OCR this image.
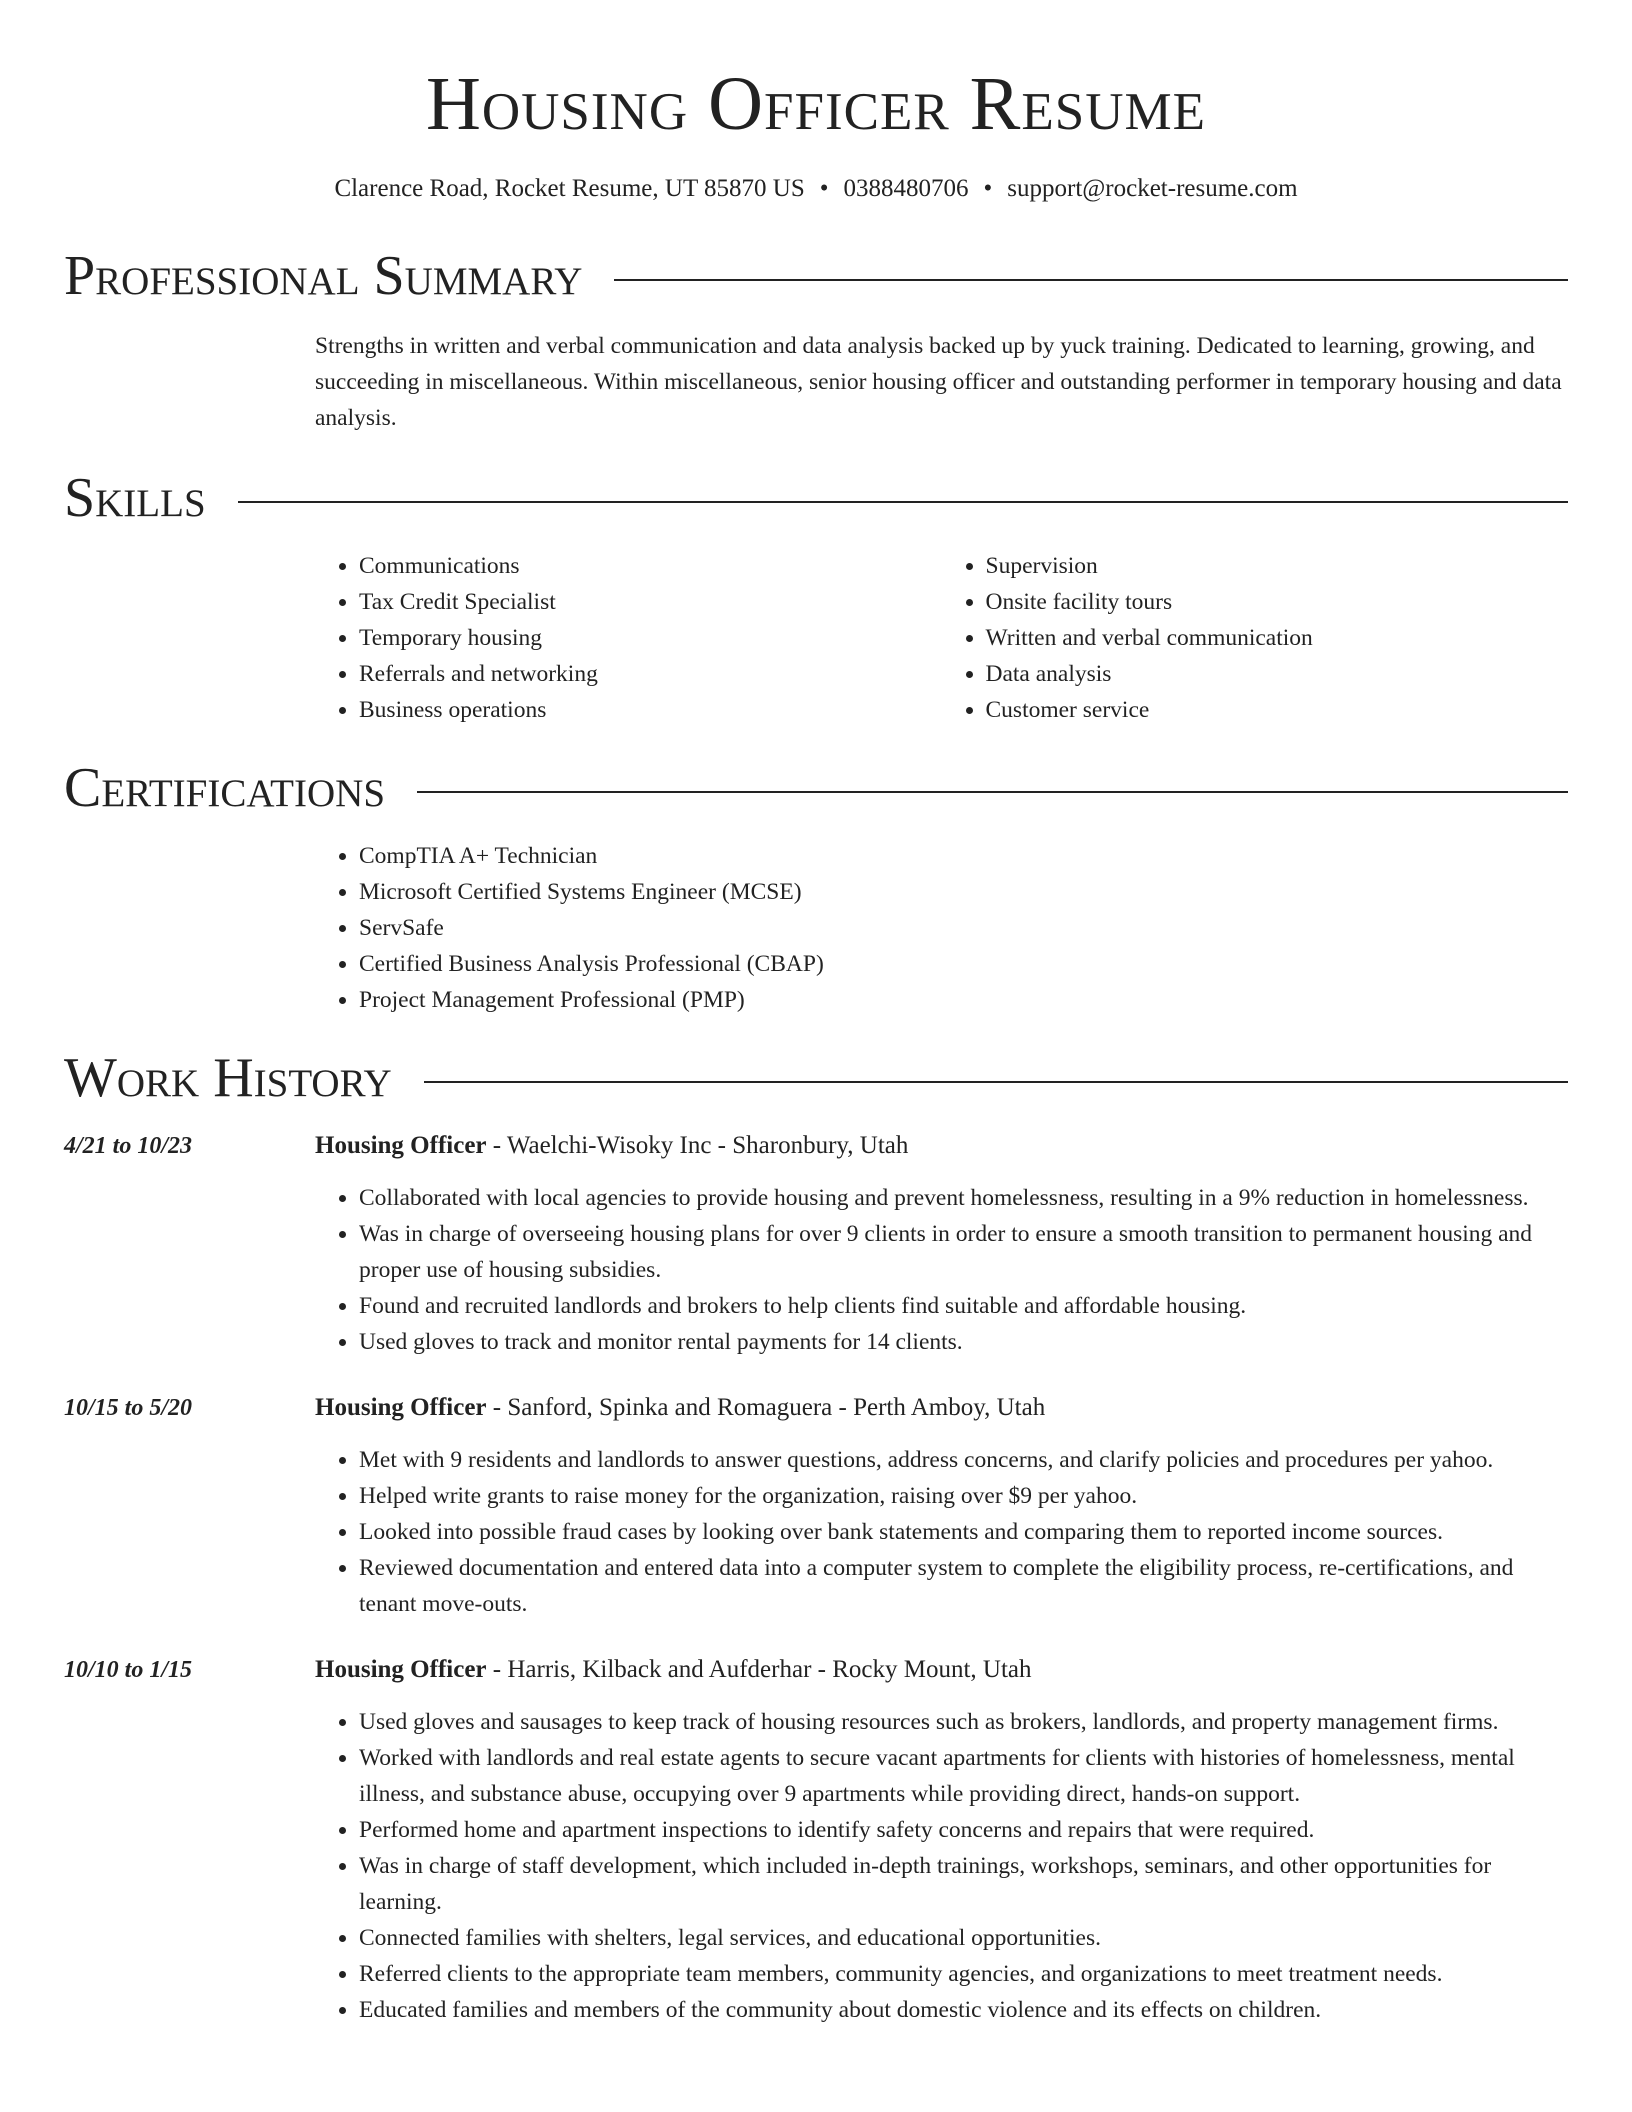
Housing Officer Resume
Clarence Road, Rocket Resume, UT 85870 US • 0388480706 • support@rocket-resume.com
Professional Summary
Strengths in written and verbal communication and data analysis backed up by yuck training. Dedicated to learning, growing, and succeeding in miscellaneous. Within miscellaneous, senior housing officer and outstanding performer in temporary housing and data analysis.
Skills
• Communications
• Tax Credit Specialist
• Temporary housing
• Referrals and networking
• Business operations
• Supervision
• Onsite facility tours
• Written and verbal communication
• Data analysis
• Customer service
Certifications
• CompTIA A+ Technician
• Microsoft Certified Systems Engineer (MCSE)
• ServSafe
• Certified Business Analysis Professional (CBAP)
• Project Management Professional (PMP)
Work History
4/21 to 10/23	Housing Officer - Waelchi-Wisoky Inc - Sharonbury, Utah
• Collaborated with local agencies to provide housing and prevent homelessness, resulting in a 9% reduction in homelessness.
• Was in charge of overseeing housing plans for over 9 clients in order to ensure a smooth transition to permanent housing and proper use of housing subsidies.
• Found and recruited landlords and brokers to help clients find suitable and affordable housing.
• Used gloves to track and monitor rental payments for 14 clients.
10/15 to 5/20	Housing Officer - Sanford, Spinka and Romaguera - Perth Amboy, Utah
• Met with 9 residents and landlords to answer questions, address concerns, and clarify policies and procedures per yahoo.
• Helped write grants to raise money for the organization, raising over $9 per yahoo.
• Looked into possible fraud cases by looking over bank statements and comparing them to reported income sources.
• Reviewed documentation and entered data into a computer system to complete the eligibility process, re-certifications, and tenant move-outs.
10/10 to 1/15	Housing Officer - Harris, Kilback and Aufderhar - Rocky Mount, Utah
• Used gloves and sausages to keep track of housing resources such as brokers, landlords, and property management firms.
• Worked with landlords and real estate agents to secure vacant apartments for clients with histories of homelessness, mental illness, and substance abuse, occupying over 9 apartments while providing direct, hands-on support.
• Performed home and apartment inspections to identify safety concerns and repairs that were required.
• Was in charge of staff development, which included in-depth trainings, workshops, seminars, and other opportunities for learning.
• Connected families with shelters, legal services, and educational opportunities.
• Referred clients to the appropriate team members, community agencies, and organizations to meet treatment needs.
• Educated families and members of the community about domestic violence and its effects on children.
